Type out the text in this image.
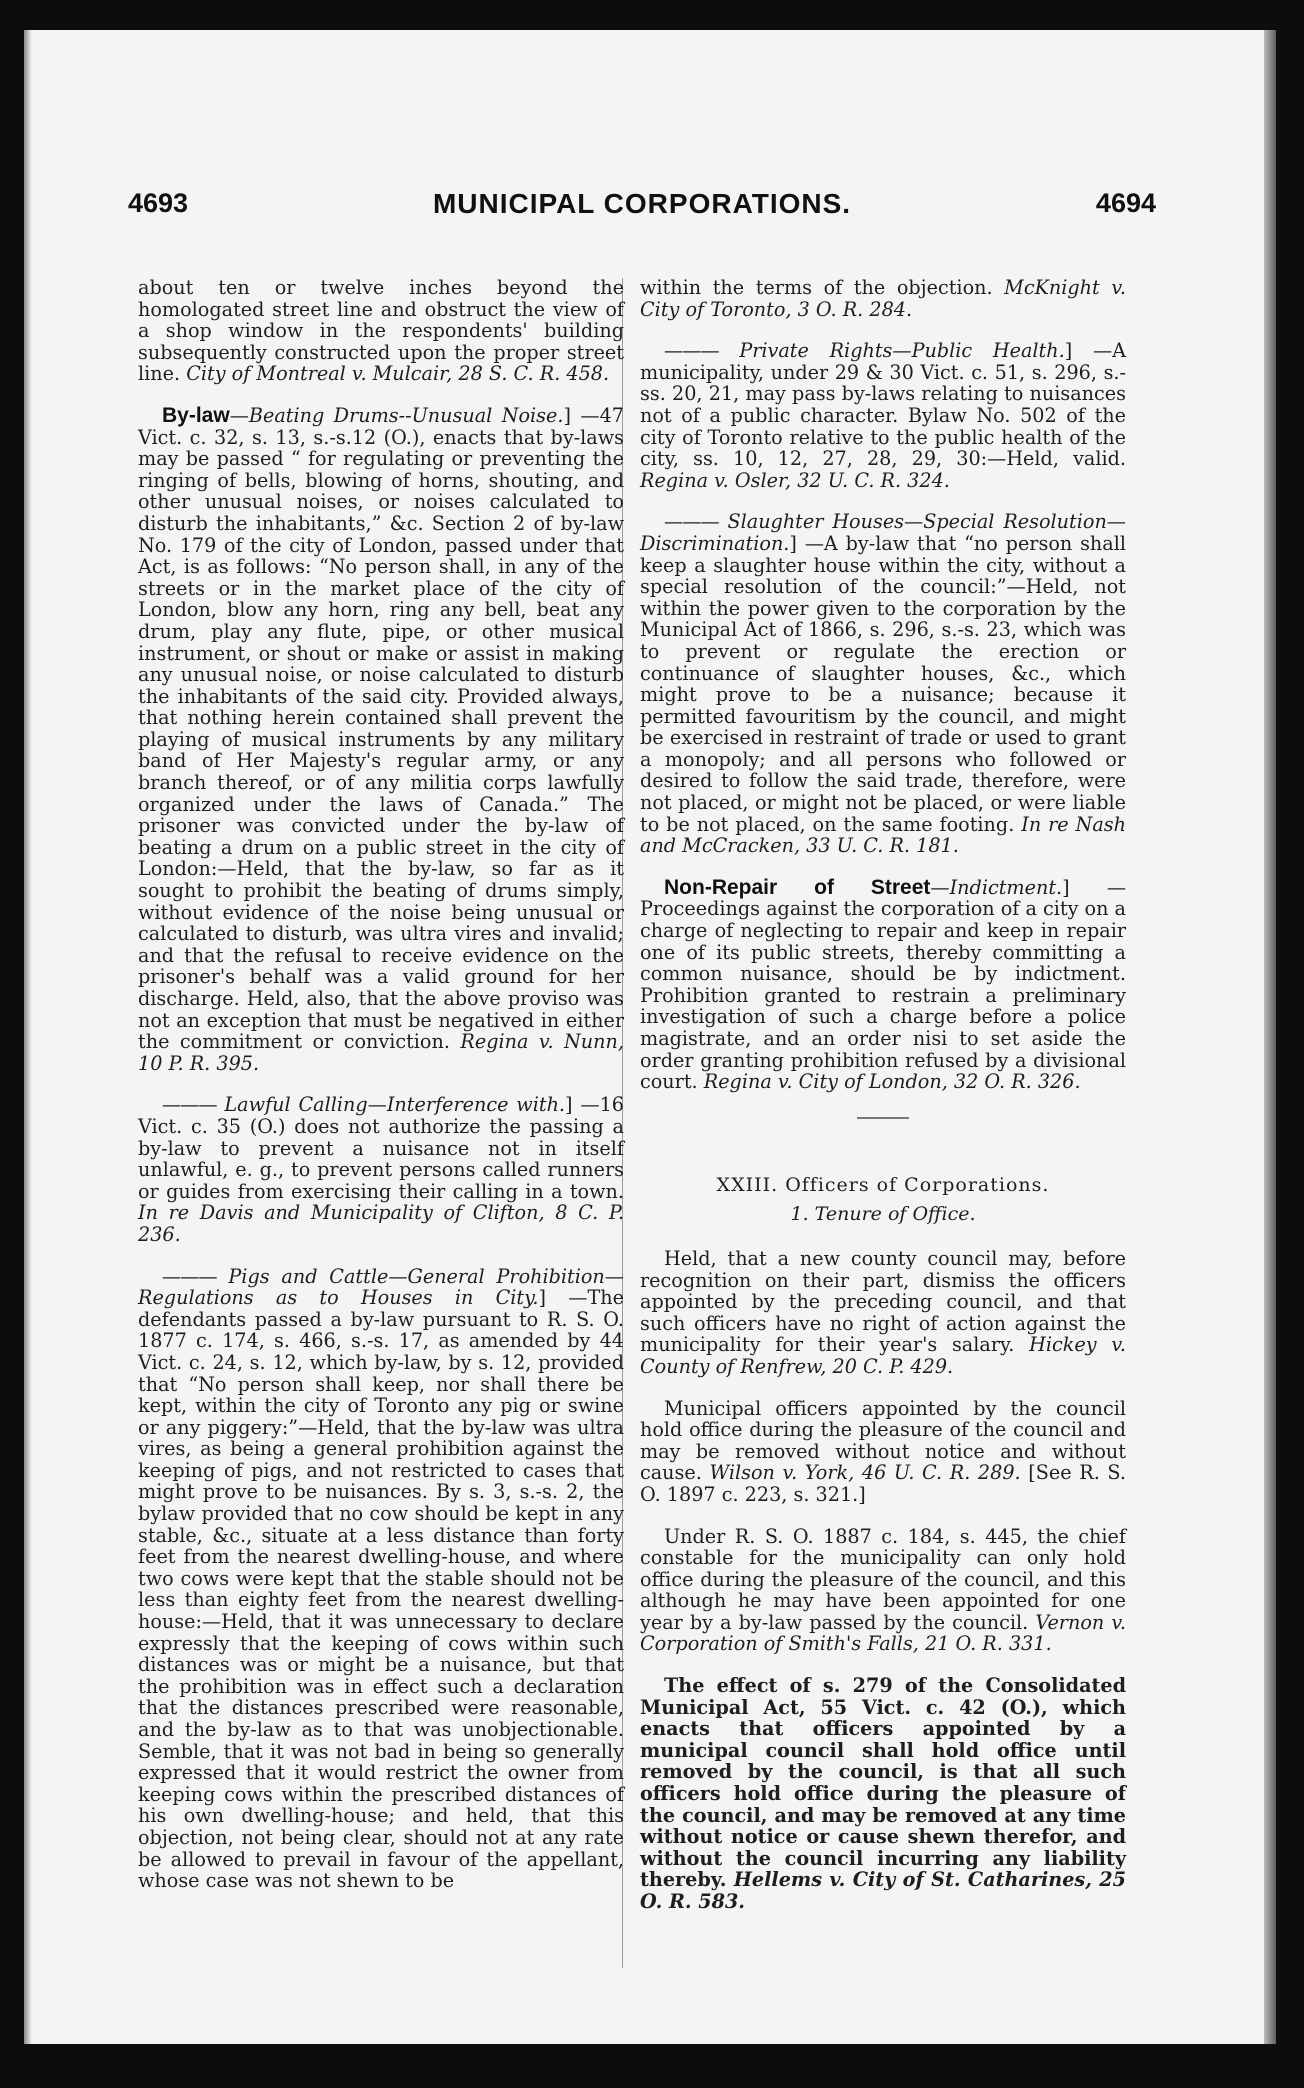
4693	MUNICIPAL CORPORATIONS.	4694

about ten or twelve inches beyond the homologated street line and obstruct the view of a shop window in the respondents' building subsequently constructed upon the proper street line. City of Montreal v. Mulcair, 28 S. C. R. 458.

By-law—Beating Drums--Unusual Noise.] —47 Vict. c. 32, s. 13, s.-s.12 (O.), enacts that by-laws may be passed “ for regulating or preventing the ringing of bells, blowing of horns, shouting, and other unusual noises, or noises calculated to disturb the inhabitants,” &c. Section 2 of by-law No. 179 of the city of London, passed under that Act, is as follows: “No person shall, in any of the streets or in the market place of the city of London, blow any horn, ring any bell, beat any drum, play any flute, pipe, or other musical instrument, or shout or make or assist in making any unusual noise, or noise calculated to disturb the inhabitants of the said city. Provided always, that nothing herein contained shall prevent the playing of musical instruments by any military band of Her Majesty's regular army, or any branch thereof, or of any militia corps lawfully organized under the laws of Canada.” The prisoner was convicted under the by-law of beating a drum on a public street in the city of London:—Held, that the by-law, so far as it sought to prohibit the beating of drums simply, without evidence of the noise being unusual or calculated to disturb, was ultra vires and invalid; and that the refusal to receive evidence on the prisoner's behalf was a valid ground for her discharge. Held, also, that the above proviso was not an exception that must be negatived in either the commitment or conviction. Regina v. Nunn, 10 P. R. 395.

——— Lawful Calling—Interference with.] —16 Vict. c. 35 (O.) does not authorize the passing a by-law to prevent a nuisance not in itself unlawful, e. g., to prevent persons called runners or guides from exercising their calling in a town. In re Davis and Municipality of Clifton, 8 C. P. 236.

——— Pigs and Cattle—General Prohibition—Regulations as to Houses in City.] —The defendants passed a by-law pursuant to R. S. O. 1877 c. 174, s. 466, s.-s. 17, as amended by 44 Vict. c. 24, s. 12, which by-law, by s. 12, provided that “No person shall keep, nor shall there be kept, within the city of Toronto any pig or swine or any piggery:”—Held, that the by-law was ultra vires, as being a general prohibition against the keeping of pigs, and not restricted to cases that might prove to be nuisances. By s. 3, s.-s. 2, the bylaw provided that no cow should be kept in any stable, &c., situate at a less distance than forty feet from the nearest dwelling-house, and where two cows were kept that the stable should not be less than eighty feet from the nearest dwelling-house:—Held, that it was unnecessary to declare expressly that the keeping of cows within such distances was or might be a nuisance, but that the prohibition was in effect such a declaration that the distances prescribed were reasonable, and the by-law as to that was unobjectionable. Semble, that it was not bad in being so generally expressed that it would restrict the owner from keeping cows within the prescribed distances of his own dwelling-house; and held, that this objection, not being clear, should not at any rate be allowed to prevail in favour of the appellant, whose case was not shewn to be

within the terms of the objection. McKnight v. City of Toronto, 3 O. R. 284.

——— Private Rights—Public Health.] —A municipality, under 29 & 30 Vict. c. 51, s. 296, s.-ss. 20, 21, may pass by-laws relating to nuisances not of a public character. Bylaw No. 502 of the city of Toronto relative to the public health of the city, ss. 10, 12, 27, 28, 29, 30:—Held, valid. Regina v. Osler, 32 U. C. R. 324.

——— Slaughter Houses—Special Resolution—Discrimination.] —A by-law that “no person shall keep a slaughter house within the city, without a special resolution of the council:”—Held, not within the power given to the corporation by the Municipal Act of 1866, s. 296, s.-s. 23, which was to prevent or regulate the erection or continuance of slaughter houses, &c., which might prove to be a nuisance; because it permitted favouritism by the council, and might be exercised in restraint of trade or used to grant a monopoly; and all persons who followed or desired to follow the said trade, therefore, were not placed, or might not be placed, or were liable to be not placed, on the same footing. In re Nash and McCracken, 33 U. C. R. 181.

Non-Repair of Street—Indictment.] —Proceedings against the corporation of a city on a charge of neglecting to repair and keep in repair one of its public streets, thereby committing a common nuisance, should be by indictment. Prohibition granted to restrain a preliminary investigation of such a charge before a police magistrate, and an order nisi to set aside the order granting prohibition refused by a divisional court. Regina v. City of London, 32 O. R. 326.

XXIII. Officers of Corporations.

1. Tenure of Office.

Held, that a new county council may, before recognition on their part, dismiss the officers appointed by the preceding council, and that such officers have no right of action against the municipality for their year's salary. Hickey v. County of Renfrew, 20 C. P. 429.

Municipal officers appointed by the council hold office during the pleasure of the council and may be removed without notice and without cause. Wilson v. York, 46 U. C. R. 289. [See R. S. O. 1897 c. 223, s. 321.]

Under R. S. O. 1887 c. 184, s. 445, the chief constable for the municipality can only hold office during the pleasure of the council, and this although he may have been appointed for one year by a by-law passed by the council. Vernon v. Corporation of Smith's Falls, 21 O. R. 331.

The effect of s. 279 of the Consolidated Municipal Act, 55 Vict. c. 42 (O.), which enacts that officers appointed by a municipal council shall hold office until removed by the council, is that all such officers hold office during the pleasure of the council, and may be removed at any time without notice or cause shewn therefor, and without the council incurring any liability thereby. Hellems v. City of St. Catharines, 25 O. R. 583.
